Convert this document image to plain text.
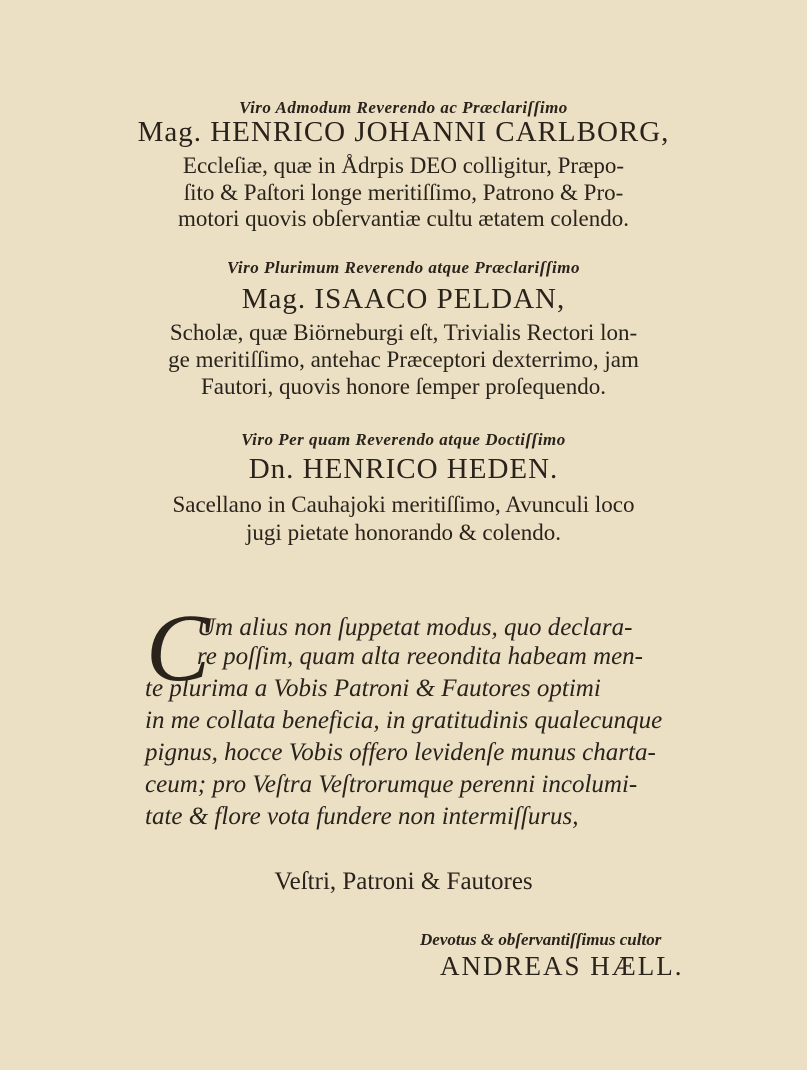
Viro Admodum Reverendo ac Præclariſſimo
Mag. HENRICO JOHANNI CARLBORG,
Eccleſiæ, quæ in Ådrpis DEO colligitur, Præpo-
ſito & Paſtori longe meritiſſimo, Patrono & Pro-
motori quovis obſervantiæ cultu ætatem colendo.
Viro Plurimum Reverendo atque Præclariſſimo
Mag. ISAACO PELDAN,
Scholæ, quæ Biörneburgi eſt, Trivialis Rectori lon-
ge meritiſſimo, antehac Præceptori dexterrimo, jam
Fautori, quovis honore ſemper proſequendo.
Viro Per quam Reverendo atque Doctiſſimo
Dn. HENRICO HEDEN.
Sacellano in Cauhajoki meritiſſimo, Avunculi loco
jugi pietate honorando & colendo.
C
Um alius non ſuppetat modus, quo declara-
re poſſim, quam alta reeondita habeam men-
te plurima a Vobis Patroni & Fautores optimi
in me collata beneficia, in gratitudinis qualecunque
pignus, hocce Vobis offero levidenſe munus charta-
ceum; pro Veſtra Veſtrorumque perenni incolumi-
tate & flore vota fundere non intermiſſurus,
Veſtri, Patroni & Fautores
Devotus & obſervantiſſimus cultor
ANDREAS HÆLL.
